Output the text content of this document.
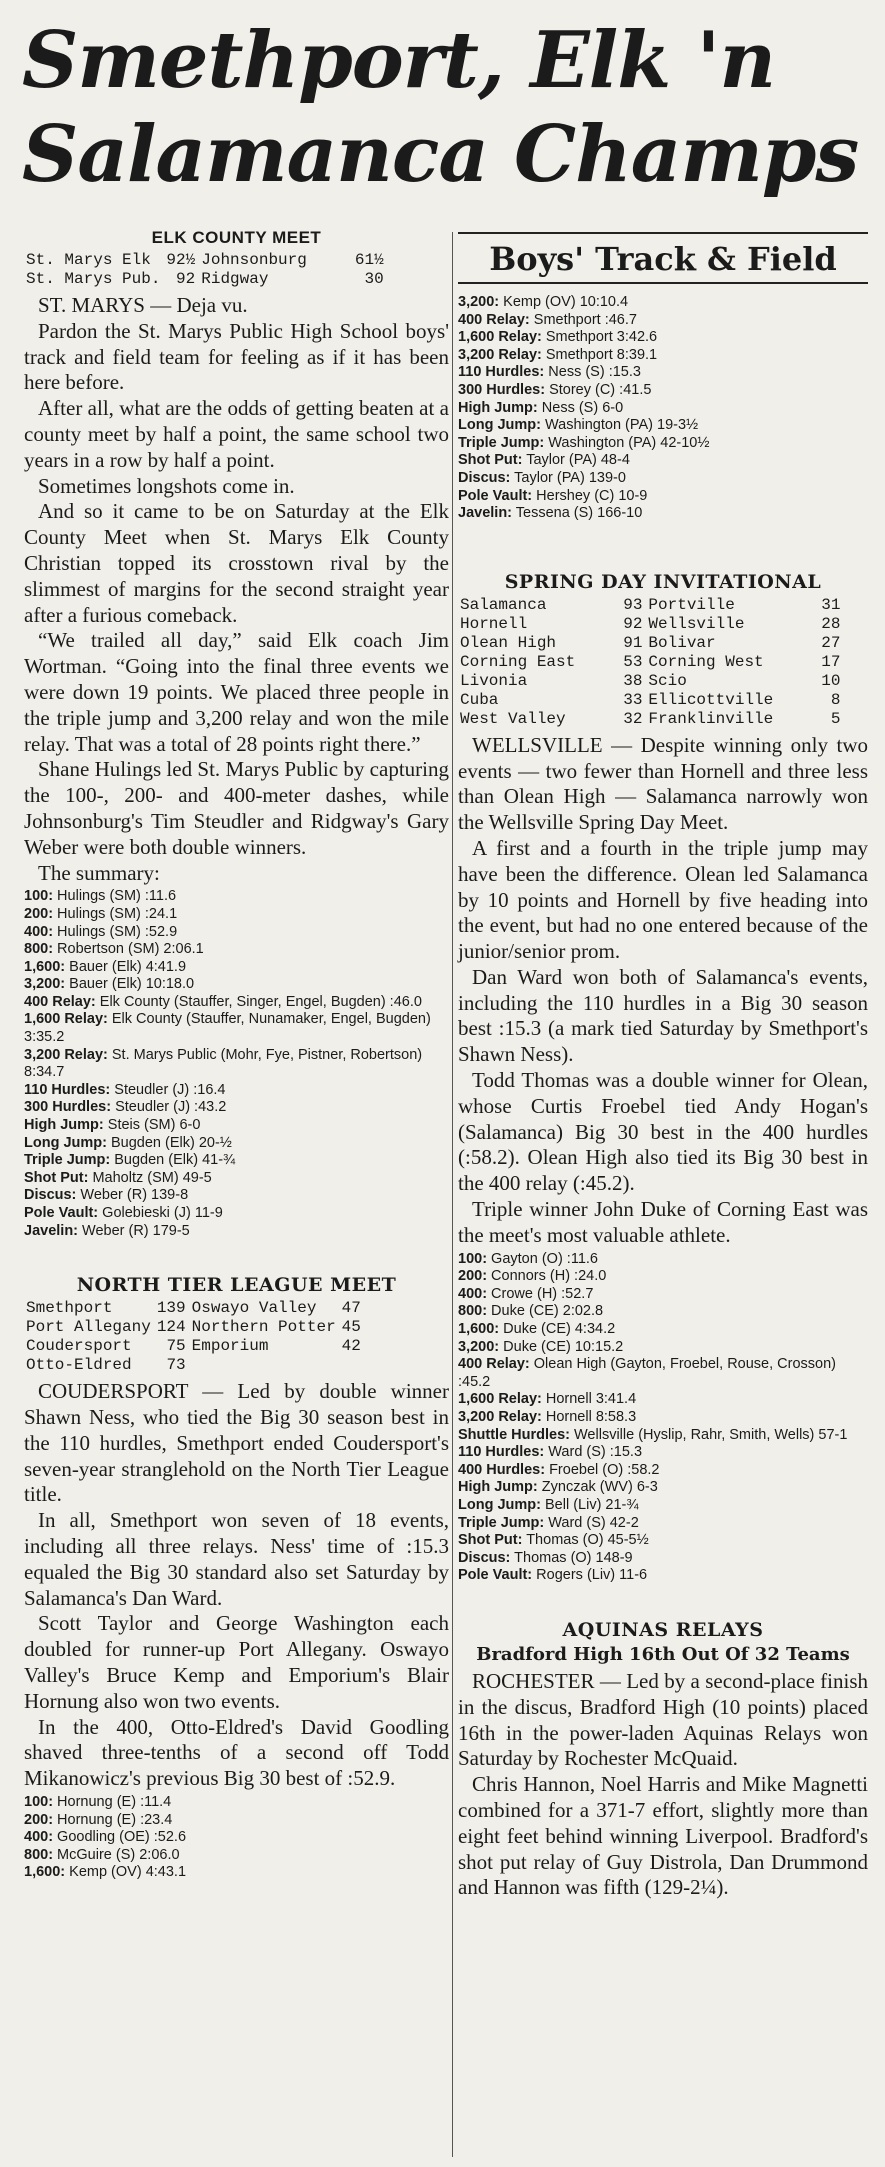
Smethport, Elk 'n Salamanca Champs
ELK COUNTY MEET
St. Marys Elk	92½	Johnsonburg		61½
St. Marys Pub.	92	Ridgway		30

ST. MARYS — Deja vu.

Pardon the St. Marys Public High School boys' track and field team for feeling as if it has been here before.

After all, what are the odds of getting beaten at a county meet by half a point, the same school two years in a row by half a point.

Sometimes longshots come in.

And so it came to be on Saturday at the Elk County Meet when St. Marys Elk County Christian topped its crosstown rival by the slimmest of margins for the second straight year after a furious comeback.

“We trailed all day,” said Elk coach Jim Wortman. “Going into the final three events we were down 19 points. We placed three people in the triple jump and 3,200 relay and won the mile relay. That was a total of 28 points right there.”

Shane Hulings led St. Marys Public by capturing the 100-, 200- and 400-meter dashes, while Johnsonburg's Tim Steudler and Ridgway's Gary Weber were both double winners.

The summary:

100: Hulings (SM) :11.6
200: Hulings (SM) :24.1
400: Hulings (SM) :52.9
800: Robertson (SM) 2:06.1
1,600: Bauer (Elk) 4:41.9
3,200: Bauer (Elk) 10:18.0
400 Relay: Elk County (Stauffer, Singer, Engel, Bugden) :46.0
1,600 Relay: Elk County (Stauffer, Nunamaker, Engel, Bugden) 3:35.2
3,200 Relay: St. Marys Public (Mohr, Fye, Pistner, Robertson) 8:34.7
110 Hurdles: Steudler (J) :16.4
300 Hurdles: Steudler (J) :43.2
High Jump: Steis (SM) 6-0
Long Jump: Bugden (Elk) 20-½
Triple Jump: Bugden (Elk) 41-¾
Shot Put: Maholtz (SM) 49-5
Discus: Weber (R) 139-8
Pole Vault: Golebieski (J) 11-9
Javelin: Weber (R) 179-5
NORTH TIER LEAGUE MEET
Smethport	139	Oswayo Valley	47
Port Allegany	124	Northern Potter	45
Coudersport	75	Emporium	42
Otto-Eldred	73		

COUDERSPORT — Led by double winner Shawn Ness, who tied the Big 30 season best in the 110 hurdles, Smethport ended Coudersport's seven-year stranglehold on the North Tier League title.

In all, Smethport won seven of 18 events, including all three relays. Ness' time of :15.3 equaled the Big 30 standard also set Saturday by Salamanca's Dan Ward.

Scott Taylor and George Washington each doubled for runner-up Port Allegany. Oswayo Valley's Bruce Kemp and Emporium's Blair Hornung also won two events.

In the 400, Otto-Eldred's David Goodling shaved three-tenths of a second off Todd Mikanowicz's previous Big 30 best of :52.9.

100: Hornung (E) :11.4
200: Hornung (E) :23.4
400: Goodling (OE) :52.6
800: McGuire (S) 2:06.0
1,600: Kemp (OV) 4:43.1
Boys' Track & Field
3,200: Kemp (OV) 10:10.4
400 Relay: Smethport :46.7
1,600 Relay: Smethport 3:42.6
3,200 Relay: Smethport 8:39.1
110 Hurdles: Ness (S) :15.3
300 Hurdles: Storey (C) :41.5
High Jump: Ness (S) 6-0
Long Jump: Washington (PA) 19-3½
Triple Jump: Washington (PA) 42-10½
Shot Put: Taylor (PA) 48-4
Discus: Taylor (PA) 139-0
Pole Vault: Hershey (C) 10-9
Javelin: Tessena (S) 166-10
SPRING DAY INVITATIONAL
Salamanca		93	Portville		31
Hornell		92	Wellsville		28
Olean High		91	Bolivar		27
Corning East		53	Corning West		17
Livonia		38	Scio		10
Cuba		33	Ellicottville		8
West Valley		32	Franklinville		5

WELLSVILLE — Despite winning only two events — two fewer than Hornell and three less than Olean High — Salamanca narrowly won the Wellsville Spring Day Meet.

A first and a fourth in the triple jump may have been the difference. Olean led Salamanca by 10 points and Hornell by five heading into the event, but had no one entered because of the junior/senior prom.

Dan Ward won both of Salamanca's events, including the 110 hurdles in a Big 30 season best :15.3 (a mark tied Saturday by Smethport's Shawn Ness).

Todd Thomas was a double winner for Olean, whose Curtis Froebel tied Andy Hogan's (Salamanca) Big 30 best in the 400 hurdles (:58.2). Olean High also tied its Big 30 best in the 400 relay (:45.2).

Triple winner John Duke of Corning East was the meet's most valuable athlete.

100: Gayton (O) :11.6
200: Connors (H) :24.0
400: Crowe (H) :52.7
800: Duke (CE) 2:02.8
1,600: Duke (CE) 4:34.2
3,200: Duke (CE) 10:15.2
400 Relay: Olean High (Gayton, Froebel, Rouse, Crosson) :45.2
1,600 Relay: Hornell 3:41.4
3,200 Relay: Hornell 8:58.3
Shuttle Hurdles: Wellsville (Hyslip, Rahr, Smith, Wells) 57-1
110 Hurdles: Ward (S) :15.3
400 Hurdles: Froebel (O) :58.2
High Jump: Zynczak (WV) 6-3
Long Jump: Bell (Liv) 21-¾
Triple Jump: Ward (S) 42-2
Shot Put: Thomas (O) 45-5½
Discus: Thomas (O) 148-9
Pole Vault: Rogers (Liv) 11-6
AQUINAS RELAYS
Bradford High 16th Out Of 32 Teams

ROCHESTER — Led by a second-place finish in the discus, Bradford High (10 points) placed 16th in the power-laden Aquinas Relays won Saturday by Rochester McQuaid.

Chris Hannon, Noel Harris and Mike Magnetti combined for a 371-7 effort, slightly more than eight feet behind winning Liverpool. Bradford's shot put relay of Guy Distrola, Dan Drummond and Hannon was fifth (129-2¼).
